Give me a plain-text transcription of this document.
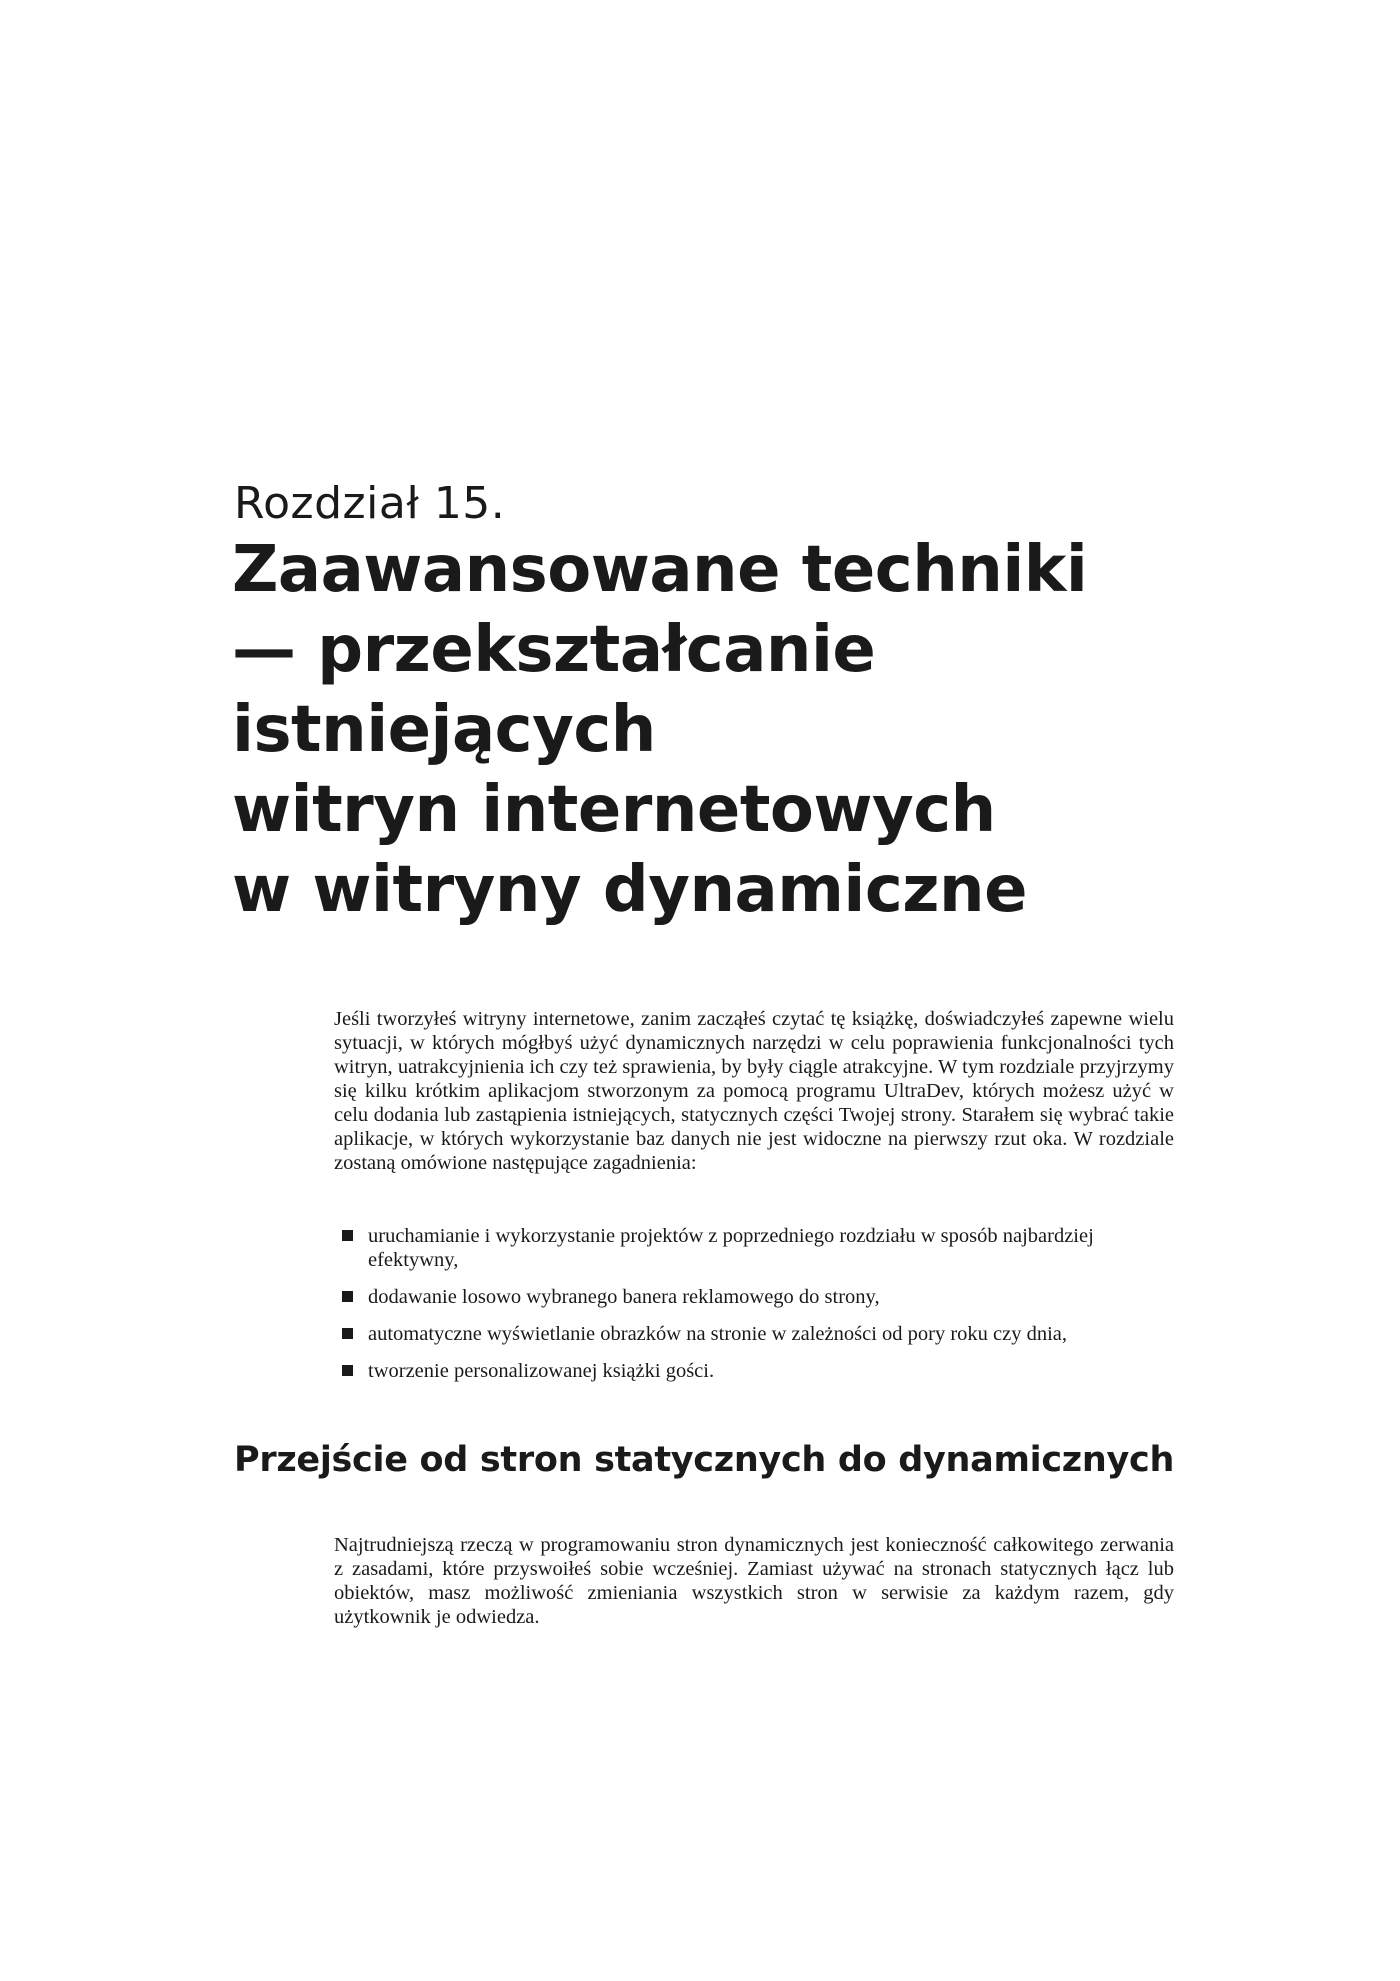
Rozdział 15.
Zaawansowane techniki
— przekształcanie
istniejących
witryn internetowych
w witryny dynamiczne

Jeśli tworzyłeś witryny internetowe, zanim zacząłeś czytać tę książkę, doświadczyłeś zapewne wielu sytuacji, w których mógłbyś użyć dynamicznych narzędzi w celu poprawienia funkcjonalności tych witryn, uatrakcyjnienia ich czy też sprawienia, by były ciągle atrakcyjne. W tym rozdziale przyjrzymy się kilku krótkim aplikacjom stworzonym za pomocą programu UltraDev, których możesz użyć w celu dodania lub zastąpienia istniejących, statycznych części Twojej strony. Starałem się wybrać takie aplikacje, w których wykorzystanie baz danych nie jest widoczne na pierwszy rzut oka. W rozdziale zostaną omówione następujące zagadnienia:

uruchamianie i wykorzystanie projektów z poprzedniego rozdziału w sposób najbardziej efektywny,
dodawanie losowo wybranego banera reklamowego do strony,
automatyczne wyświetlanie obrazków na stronie w zależności od pory roku czy dnia,
tworzenie personalizowanej książki gości.
Przejście od stron statycznych do dynamicznych

Najtrudniejszą rzeczą w programowaniu stron dynamicznych jest konieczność całkowitego zerwania z zasadami, które przyswoiłeś sobie wcześniej. Zamiast używać na stronach statycznych łącz lub obiektów, masz możliwość zmieniania wszystkich stron w serwisie za każdym razem, gdy użytkownik je odwiedza.
